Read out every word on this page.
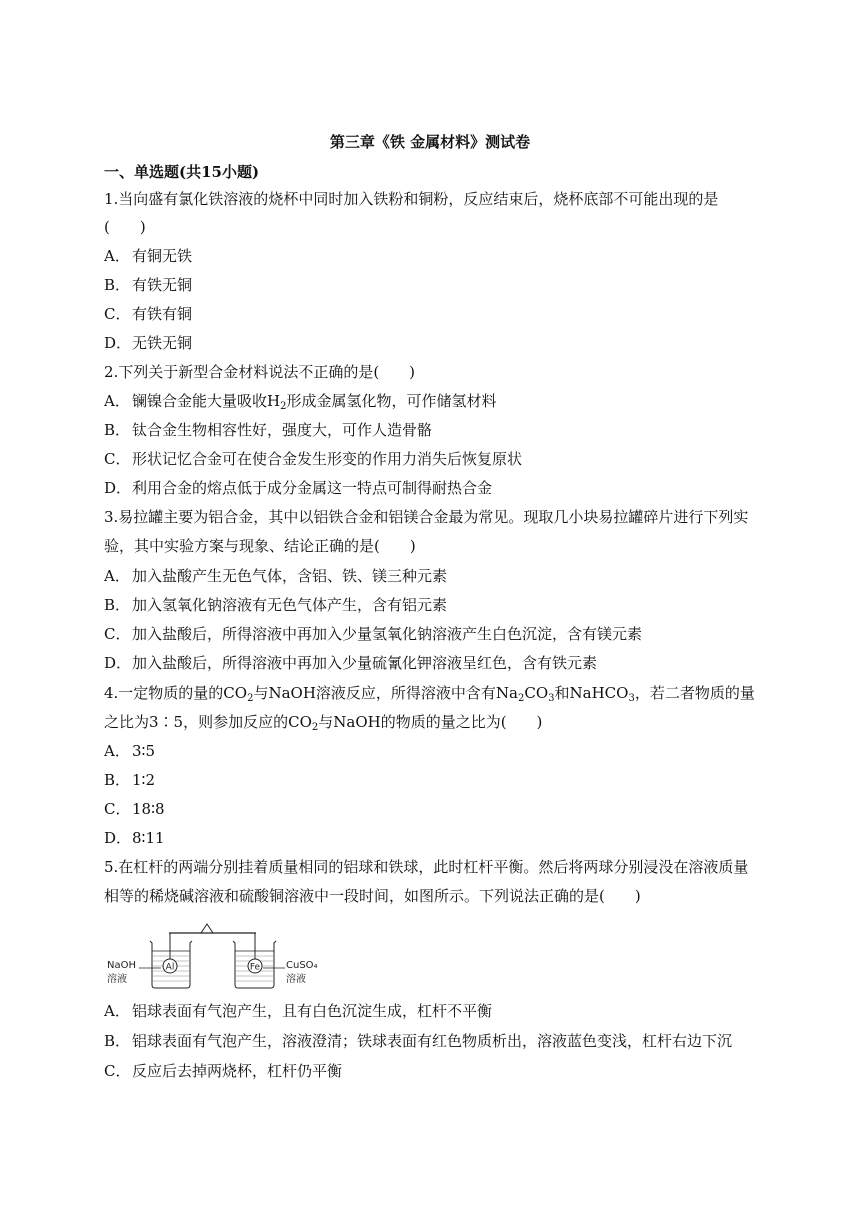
第三章《铁 金属材料》测试卷
一、单选题(共15小题)
1.当向盛有氯化铁溶液的烧杯中同时加入铁粉和铜粉，反应结束后，烧杯底部不可能出现的是
(　　)
A． 有铜无铁
B． 有铁无铜
C． 有铁有铜
D．无铁无铜
2.下列关于新型合金材料说法不正确的是(　　)
A． 镧镍合金能大量吸收$H_2$形成金属氢化物，可作储氢材料
B． 钛合金生物相容性好，强度大，可作人造骨骼
C． 形状记忆合金可在使合金发生形变的作用力消失后恢复原状
D．利用合金的熔点低于成分金属这一特点可制得耐热合金
3.易拉罐主要为铝合金，其中以铝铁合金和铝镁合金最为常见。现取几小块易拉罐碎片进行下列实
验，其中实验方案与现象、结论正确的是(　　)
A． 加入盐酸产生无色气体，含铝、铁、镁三种元素
B． 加入氢氧化钠溶液有无色气体产生，含有铝元素
C． 加入盐酸后，所得溶液中再加入少量氢氧化钠溶液产生白色沉淀，含有镁元素
D．加入盐酸后，所得溶液中再加入少量硫氰化钾溶液呈红色，含有铁元素
4.一定物质的量的$CO_2$与NaOH溶液反应，所得溶液中含有$Na_2CO_3$和NaHCO$_3$，若二者物质的量
之比为3∶5，则参加反应的$CO_2$与NaOH的物质的量之比为(　　)
A． 3∶5
B． 1∶2
C． 18∶8
D．8∶11
5.在杠杆的两端分别挂着质量相同的铝球和铁球，此时杠杆平衡。然后将两球分别浸没在溶液质量
相等的稀烧碱溶液和硫酸铜溶液中一段时间，如图所示。下列说法正确的是(　　)
Al	Fe
NaOH
溶液
CuSO₄
溶液
A． 铝球表面有气泡产生，且有白色沉淀生成，杠杆不平衡
B． 铝球表面有气泡产生，溶液澄清；铁球表面有红色物质析出，溶液蓝色变浅，杠杆右边下沉
C． 反应后去掉两烧杯，杠杆仍平衡
